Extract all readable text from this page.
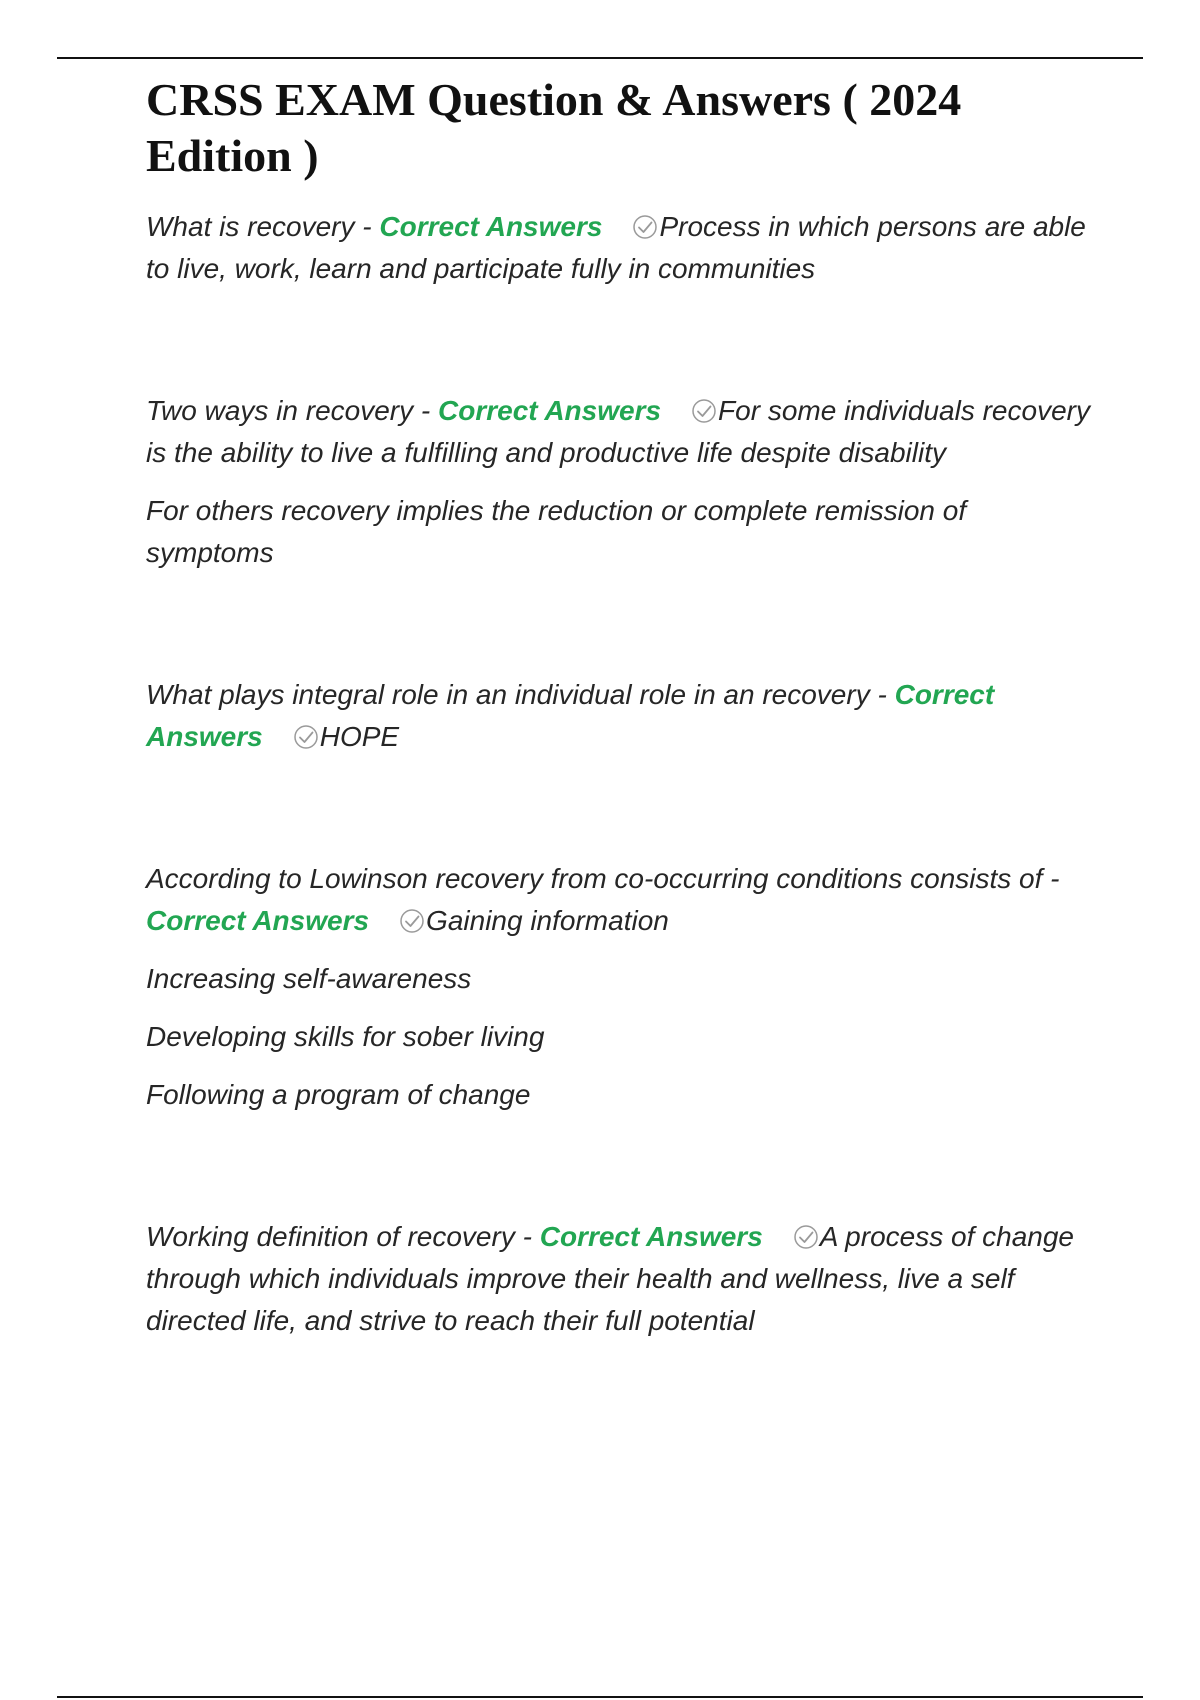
CRSS EXAM Question & Answers ( 2024 Edition )

What is recovery - Correct Answers Process in which persons are able to live, work, learn and participate fully in communities

Two ways in recovery - Correct Answers For some individuals recovery is the ability to live a fulfilling and productive life despite disability

For others recovery implies the reduction or complete remission of symptoms

What plays integral role in an individual role in an recovery - Correct Answers HOPE

According to Lowinson recovery from co-occurring conditions consists of - Correct Answers Gaining information

Increasing self-awareness

Developing skills for sober living

Following a program of change

Working definition of recovery - Correct Answers A process of change through which individuals improve their health and wellness, live a self directed life, and strive to reach their full potential
